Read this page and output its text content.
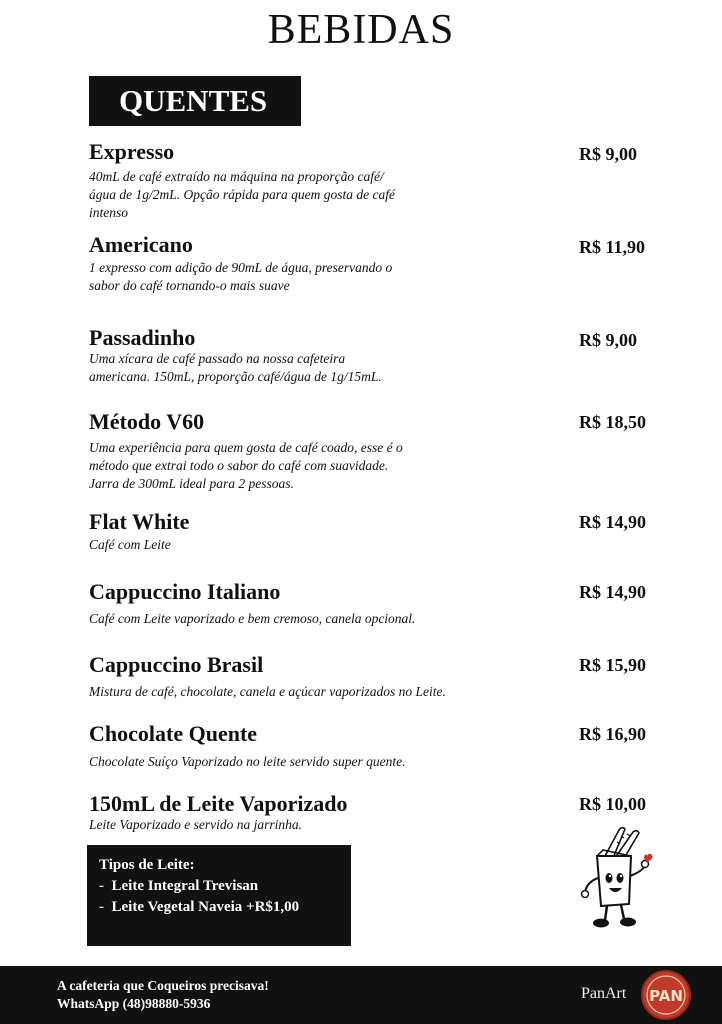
BEBIDAS
QUENTES
Expresso
40mL de café extraído na máquina na proporção café/água de 1g/2mL. Opção rápida para quem gosta de café intenso
R$ 9,00
Americano
1 expresso com adição de 90mL de água, preservando o sabor do café tornando-o mais suave
R$ 11,90
Passadinho
Uma xícara de café passado na nossa cafeteira americana. 150mL, proporção café/água de 1g/15mL.
R$ 9,00
Método V60
Uma experiência para quem gosta de café coado, esse é o método que extrai todo o sabor do café com suavidade. Jarra de 300mL ideal para 2 pessoas.
R$ 18,50
Flat White
Café com Leite
R$ 14,90
Cappuccino Italiano
Café com Leite vaporizado e bem cremoso, canela opcional.
R$ 14,90
Cappuccino Brasil
Mistura de café, chocolate, canela e açúcar vaporizados no Leite.
R$ 15,90
Chocolate Quente
Chocolate Suíço Vaporizado no leite servido super quente.
R$ 16,90
150mL de Leite Vaporizado
Leite Vaporizado e servido na jarrinha.
R$ 10,00
Tipos de Leite:
- Leite Integral Trevisan
- Leite Vegetal Naveia +R$1,00
A cafeteria que Coqueiros precisava!
WhatsApp (48)98880-5936
PanArt PAN
